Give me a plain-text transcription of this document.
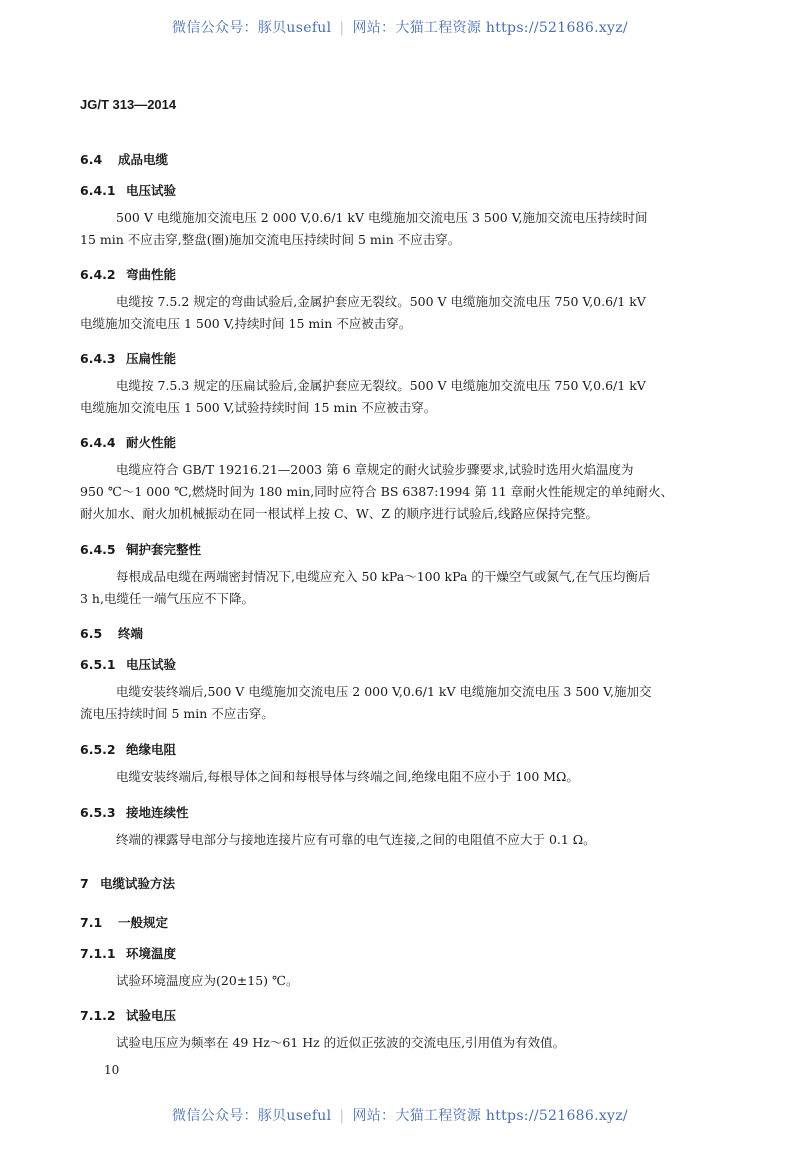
微信公众号：豚贝useful | 网站：大猫工程资源 https://521686.xyz/
JG/T 313—2014
6.4 成品电缆
6.4.1 电压试验
500 V 电缆施加交流电压 2 000 V,0.6/1 kV 电缆施加交流电压 3 500 V,施加交流电压持续时间
15 min 不应击穿,整盘(圈)施加交流电压持续时间 5 min 不应击穿。
6.4.2 弯曲性能
电缆按 7.5.2 规定的弯曲试验后,金属护套应无裂纹。500 V 电缆施加交流电压 750 V,0.6/1 kV
电缆施加交流电压 1 500 V,持续时间 15 min 不应被击穿。
6.4.3 压扁性能
电缆按 7.5.3 规定的压扁试验后,金属护套应无裂纹。500 V 电缆施加交流电压 750 V,0.6/1 kV
电缆施加交流电压 1 500 V,试验持续时间 15 min 不应被击穿。
6.4.4 耐火性能
电缆应符合 GB/T 19216.21—2003 第 6 章规定的耐火试验步骤要求,试验时选用火焰温度为
950 ℃～1 000 ℃,燃烧时间为 180 min,同时应符合 BS 6387:1994 第 11 章耐火性能规定的单纯耐火、
耐火加水、耐火加机械振动在同一根试样上按 C、W、Z 的顺序进行试验后,线路应保持完整。
6.4.5 铜护套完整性
每根成品电缆在两端密封情况下,电缆应充入 50 kPa～100 kPa 的干燥空气或氮气,在气压均衡后
3 h,电缆任一端气压应不下降。
6.5 终端
6.5.1 电压试验
电缆安装终端后,500 V 电缆施加交流电压 2 000 V,0.6/1 kV 电缆施加交流电压 3 500 V,施加交
流电压持续时间 5 min 不应击穿。
6.5.2 绝缘电阻
电缆安装终端后,每根导体之间和每根导体与终端之间,绝缘电阻不应小于 100 MΩ。
6.5.3 接地连续性
终端的裸露导电部分与接地连接片应有可靠的电气连接,之间的电阻值不应大于 0.1 Ω。
7 电缆试验方法
7.1 一般规定
7.1.1 环境温度
试验环境温度应为(20±15) ℃。
7.1.2 试验电压
试验电压应为频率在 49 Hz～61 Hz 的近似正弦波的交流电压,引用值为有效值。
10
微信公众号：豚贝useful | 网站：大猫工程资源 https://521686.xyz/
